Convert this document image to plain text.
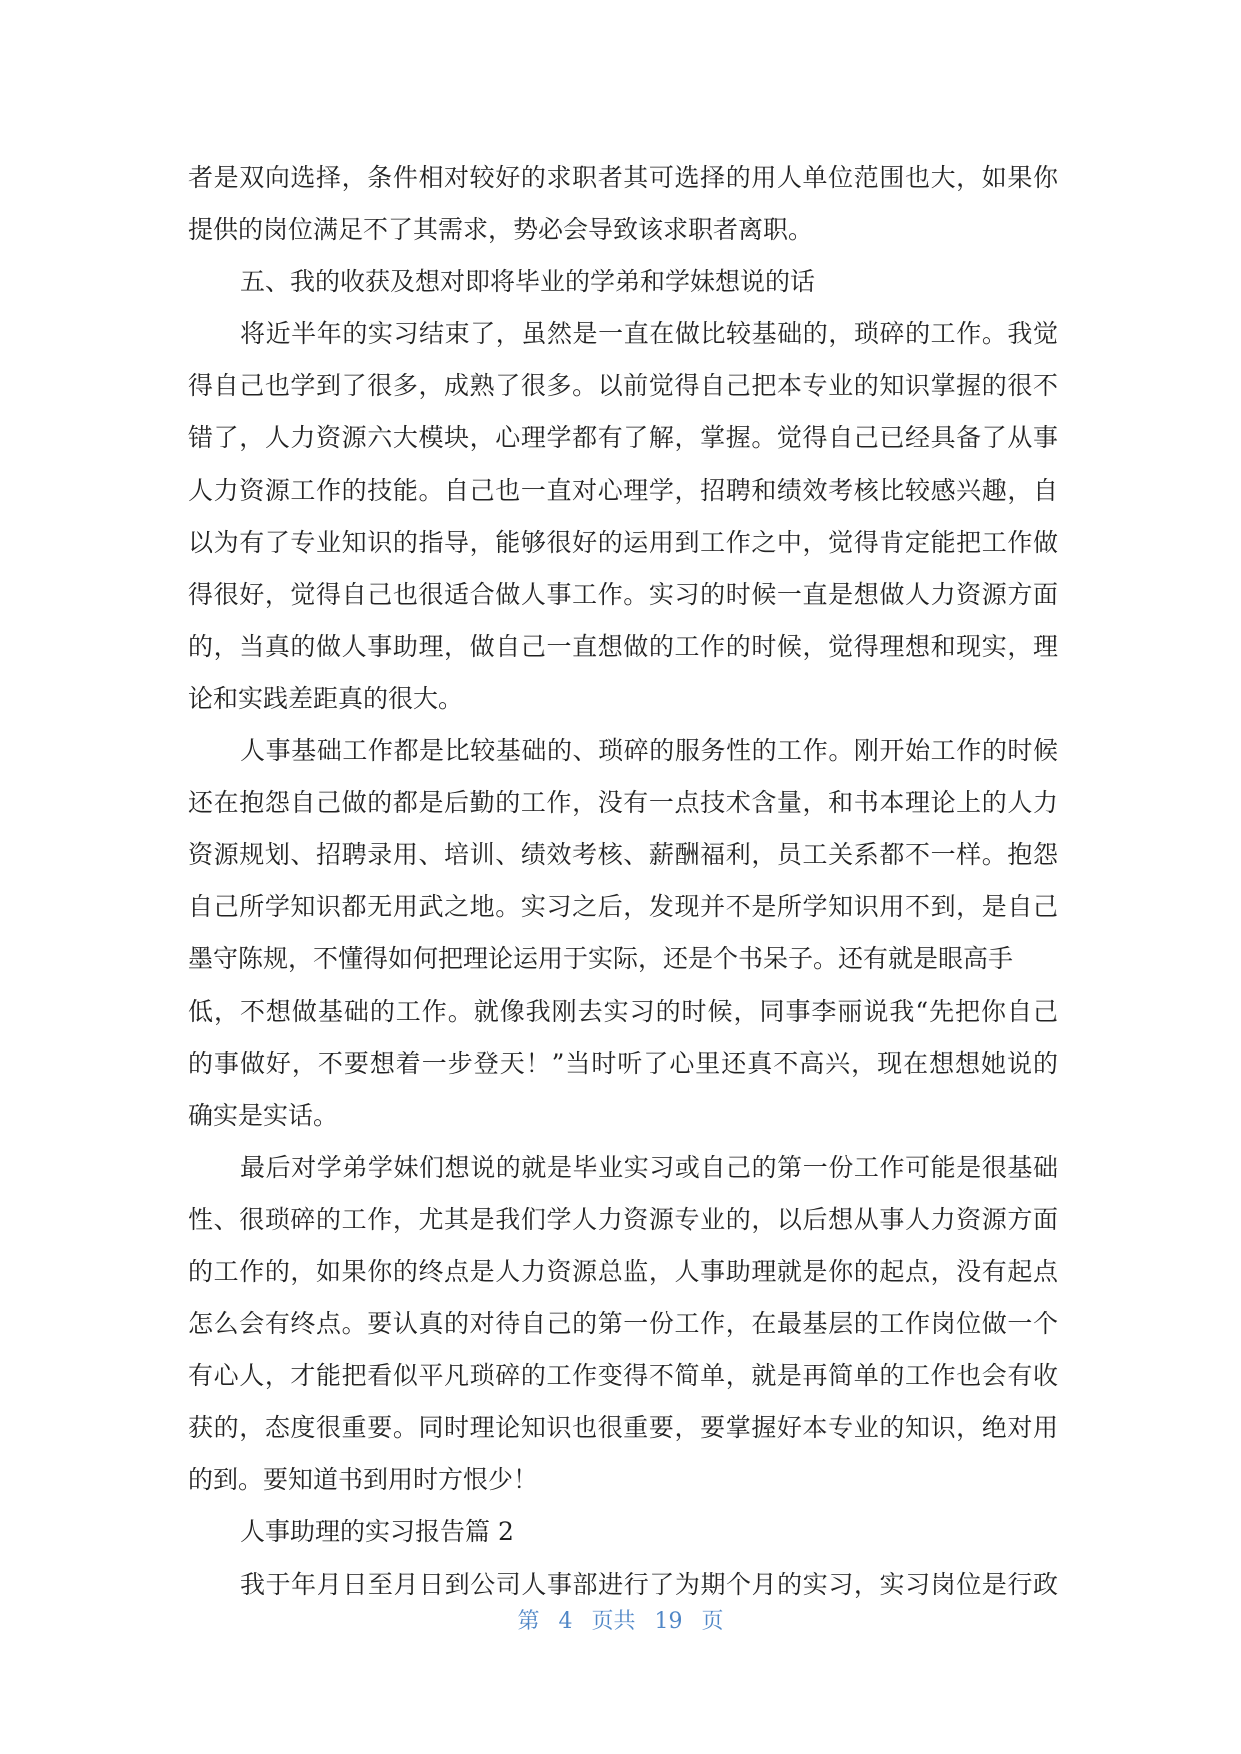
者是双向选择，条件相对较好的求职者其可选择的用人单位范围也大，如果你
提供的岗位满足不了其需求，势必会导致该求职者离职。
五、我的收获及想对即将毕业的学弟和学妹想说的话
将近半年的实习结束了，虽然是一直在做比较基础的，琐碎的工作。我觉
得自己也学到了很多，成熟了很多。以前觉得自己把本专业的知识掌握的很不
错了，人力资源六大模块，心理学都有了解，掌握。觉得自己已经具备了从事
人力资源工作的技能。自己也一直对心理学，招聘和绩效考核比较感兴趣，自
以为有了专业知识的指导，能够很好的运用到工作之中，觉得肯定能把工作做
得很好，觉得自己也很适合做人事工作。实习的时候一直是想做人力资源方面
的，当真的做人事助理，做自己一直想做的工作的时候，觉得理想和现实，理
论和实践差距真的很大。
人事基础工作都是比较基础的、琐碎的服务性的工作。刚开始工作的时候
还在抱怨自己做的都是后勤的工作，没有一点技术含量，和书本理论上的人力
资源规划、招聘录用、培训、绩效考核、薪酬福利，员工关系都不一样。抱怨
自己所学知识都无用武之地。实习之后，发现并不是所学知识用不到，是自己
墨守陈规，不懂得如何把理论运用于实际，还是个书呆子。还有就是眼高手
低，不想做基础的工作。就像我刚去实习的时候，同事李丽说我“先把你自己
的事做好，不要想着一步登天！”当时听了心里还真不高兴，现在想想她说的
确实是实话。
最后对学弟学妹们想说的就是毕业实习或自己的第一份工作可能是很基础
性、很琐碎的工作，尤其是我们学人力资源专业的，以后想从事人力资源方面
的工作的，如果你的终点是人力资源总监，人事助理就是你的起点，没有起点
怎么会有终点。要认真的对待自己的第一份工作，在最基层的工作岗位做一个
有心人，才能把看似平凡琐碎的工作变得不简单，就是再简单的工作也会有收
获的，态度很重要。同时理论知识也很重要，要掌握好本专业的知识，绝对用
的到。要知道书到用时方恨少！
人事助理的实习报告篇 2
我于年月日至月日到公司人事部进行了为期个月的实习，实习岗位是行政
第 4 页共 19 页
